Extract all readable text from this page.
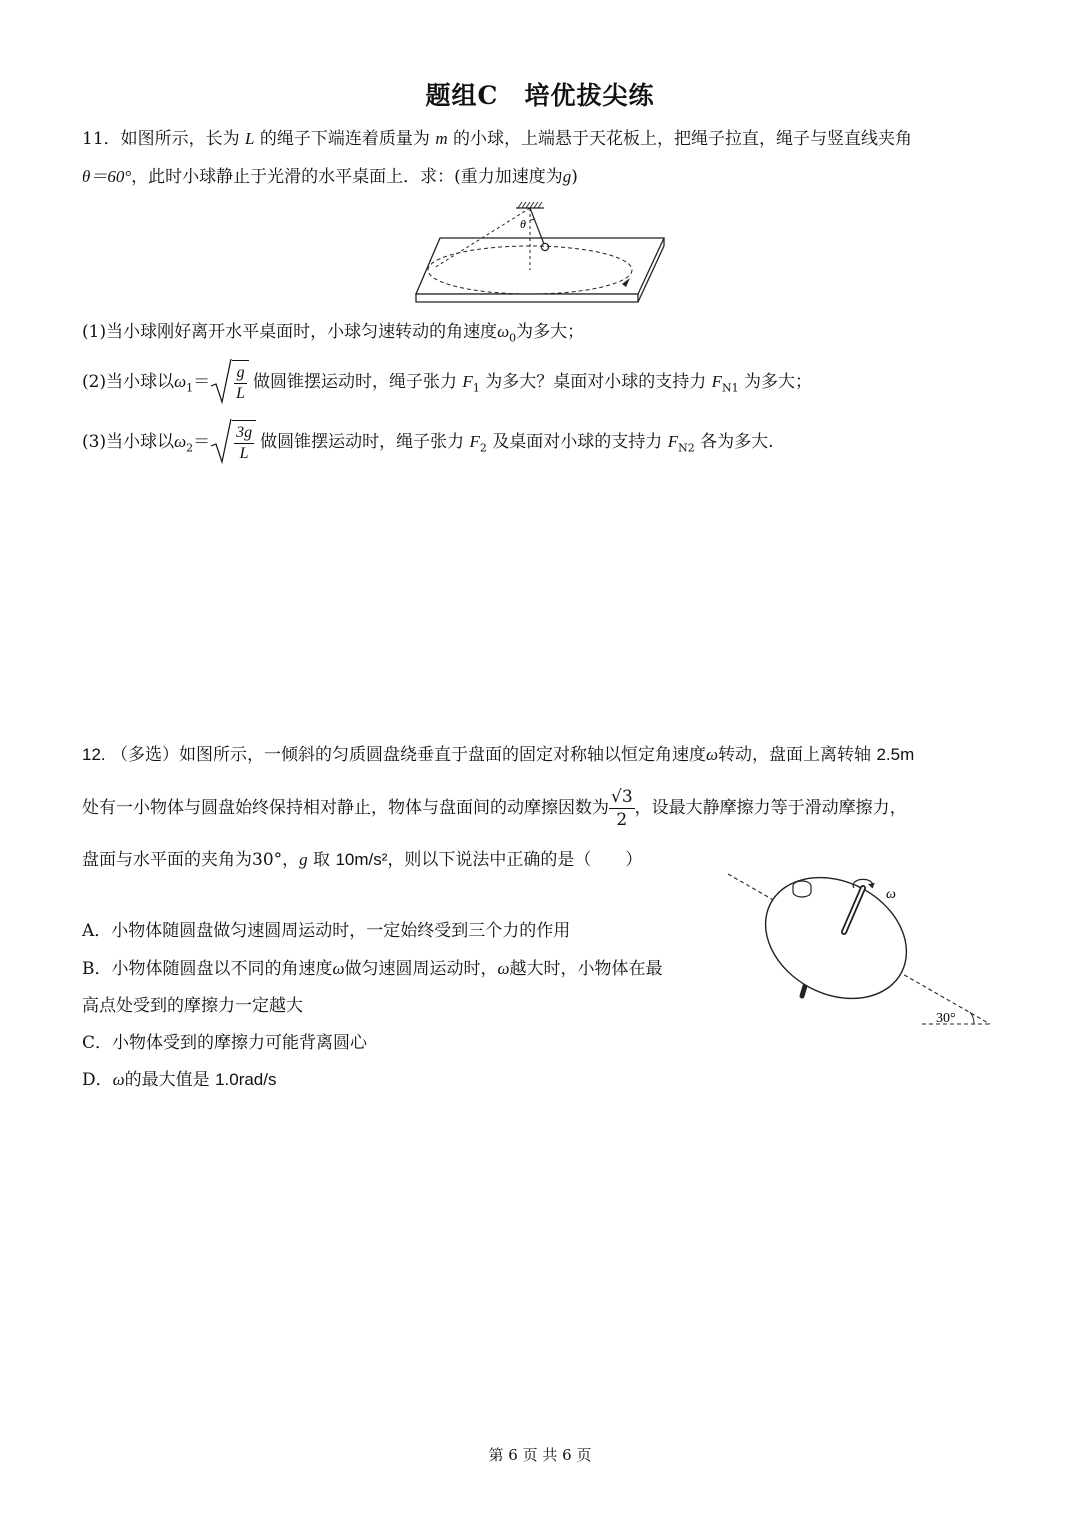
题组C　培优拔尖练
11．如图所示，长为 L 的绳子下端连着质量为 m 的小球，上端悬于天花板上，把绳子拉直，绳子与竖直线夹角
θ＝60°，此时小球静止于光滑的水平桌面上．求：(重力加速度为g)
θ
(1)当小球刚好离开水平桌面时，小球匀速转动的角速度$\omega_0$为多大；
(2)当小球以$\omega_1= \frac{g}{L}$ 做圆锥摆运动时，绳子张力 $F_1$ 为多大？桌面对小球的支持力 $F_{N1}$ 为多大；
(3)当小球以$\omega_2= \frac{3g}{L}$ 做圆锥摆运动时，绳子张力 $F_2$ 及桌面对小球的支持力 $F_{N2}$ 各为多大.
12. （多选）如图所示，一倾斜的匀质圆盘绕垂直于盘面的固定对称轴以恒定角速度ω转动，盘面上离转轴 2.5m
处有一小物体与圆盘始终保持相对静止，物体与盘面间的动摩擦因数为 $\frac{√3}{2}$ ，设最大静摩擦力等于滑动摩擦力，
盘面与水平面的夹角为30°，g 取 10m/s²，则以下说法中正确的是（　　）
A．小物体随圆盘做匀速圆周运动时，一定始终受到三个力的作用
B．小物体随圆盘以不同的角速度ω做匀速圆周运动时，ω越大时，小物体在最
高点处受到的摩擦力一定越大
C．小物体受到的摩擦力可能背离圆心
D．ω的最大值是 1.0rad/s
ω
30°
第 6 页 共 6 页
